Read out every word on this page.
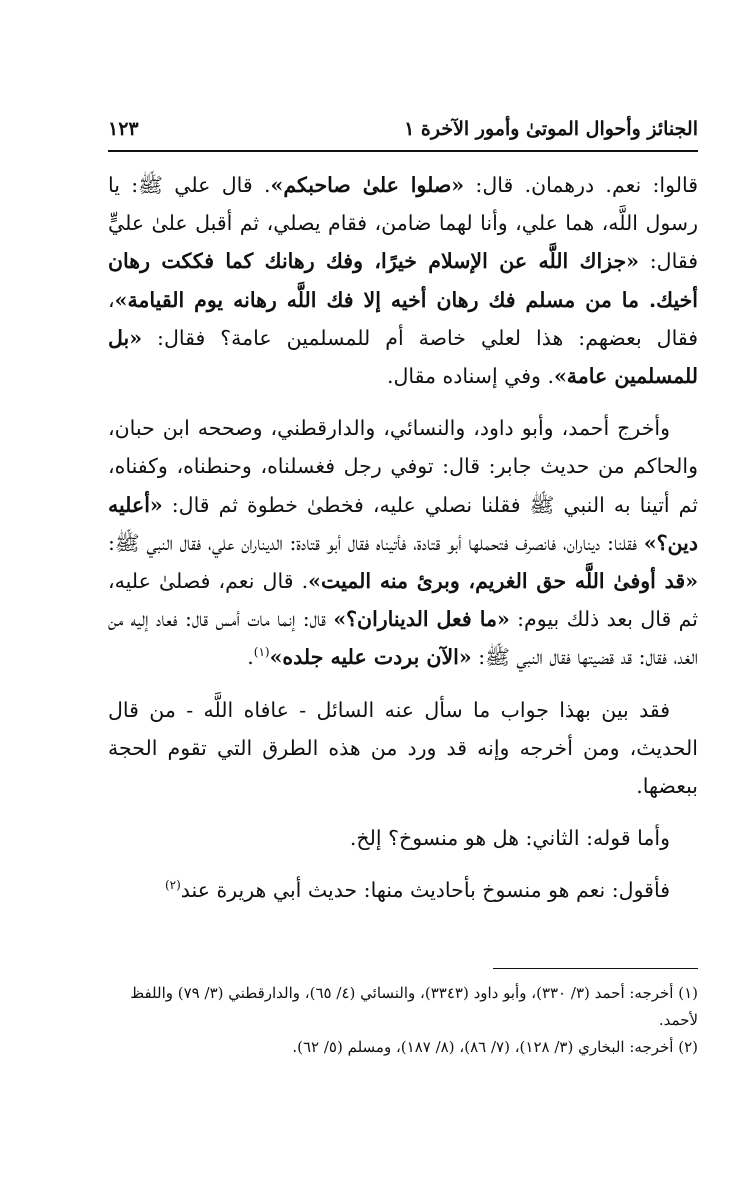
الجنائز وأحوال الموتىٰ وأمور الآخرة ١
١٢٣

قالوا: نعم. درهمان. قال: «صلوا علىٰ صاحبكم». قال علي ﷺ: يا رسول اللَّه، هما علي، وأنا لهما ضامن، فقام يصلي، ثم أقبل علىٰ عليٍّ فقال: «جزاك اللَّه عن الإسلام خيرًا، وفك رهانك كما فككت رهان أخيك. ما من مسلم فك رهان أخيه إلا فك اللَّه رهانه يوم القيامة»، فقال بعضهم: هذا لعلي خاصة أم للمسلمين عامة؟ فقال: «بل للمسلمين عامة». وفي إسناده مقال.

وأخرج أحمد، وأبو داود، والنسائي، والدارقطني، وصححه ابن حبان، والحاكم من حديث جابر: قال: توفي رجل فغسلناه، وحنطناه، وكفناه، ثم أتينا به النبي ﷺ فقلنا نصلي عليه، فخطىٰ خطوة ثم قال: «أعليه دين؟» فقلنا: ديناران، فانصرف فتحملها أبو قتادة، فأتيناه فقال أبو قتادة: الديناران علي، فقال النبي ﷺ: «قد أوفىٰ اللَّه حق الغريم، وبرئ منه الميت». قال نعم، فصلىٰ عليه، ثم قال بعد ذلك بيوم: «ما فعل الديناران؟» قال: إنما مات أمس قال: فعاد إليه من الغد، فقال: قد قضيتها فقال النبي ﷺ: «الآن بردت عليه جلده»$^{(١)}$.

فقد بين بهذا جواب ما سأل عنه السائل - عافاه اللَّه - من قال الحديث، ومن أخرجه وإنه قد ورد من هذه الطرق التي تقوم الحجة ببعضها.

وأما قوله: الثاني: هل هو منسوخ؟ إلخ.

فأقول: نعم هو منسوخ بأحاديث منها: حديث أبي هريرة عند$^{(٢)}$

(١) أخرجه: أحمد (٣/ ٣٣٠)، وأبو داود (٣٣٤٣)، والنسائي (٤/ ٦٥)، والدارقطني (٣/ ٧٩) واللفظ لأحمد.

(٢) أخرجه: البخاري (٣/ ١٢٨)، (٧/ ٨٦)، (٨/ ١٨٧)، ومسلم (٥/ ٦٢).
